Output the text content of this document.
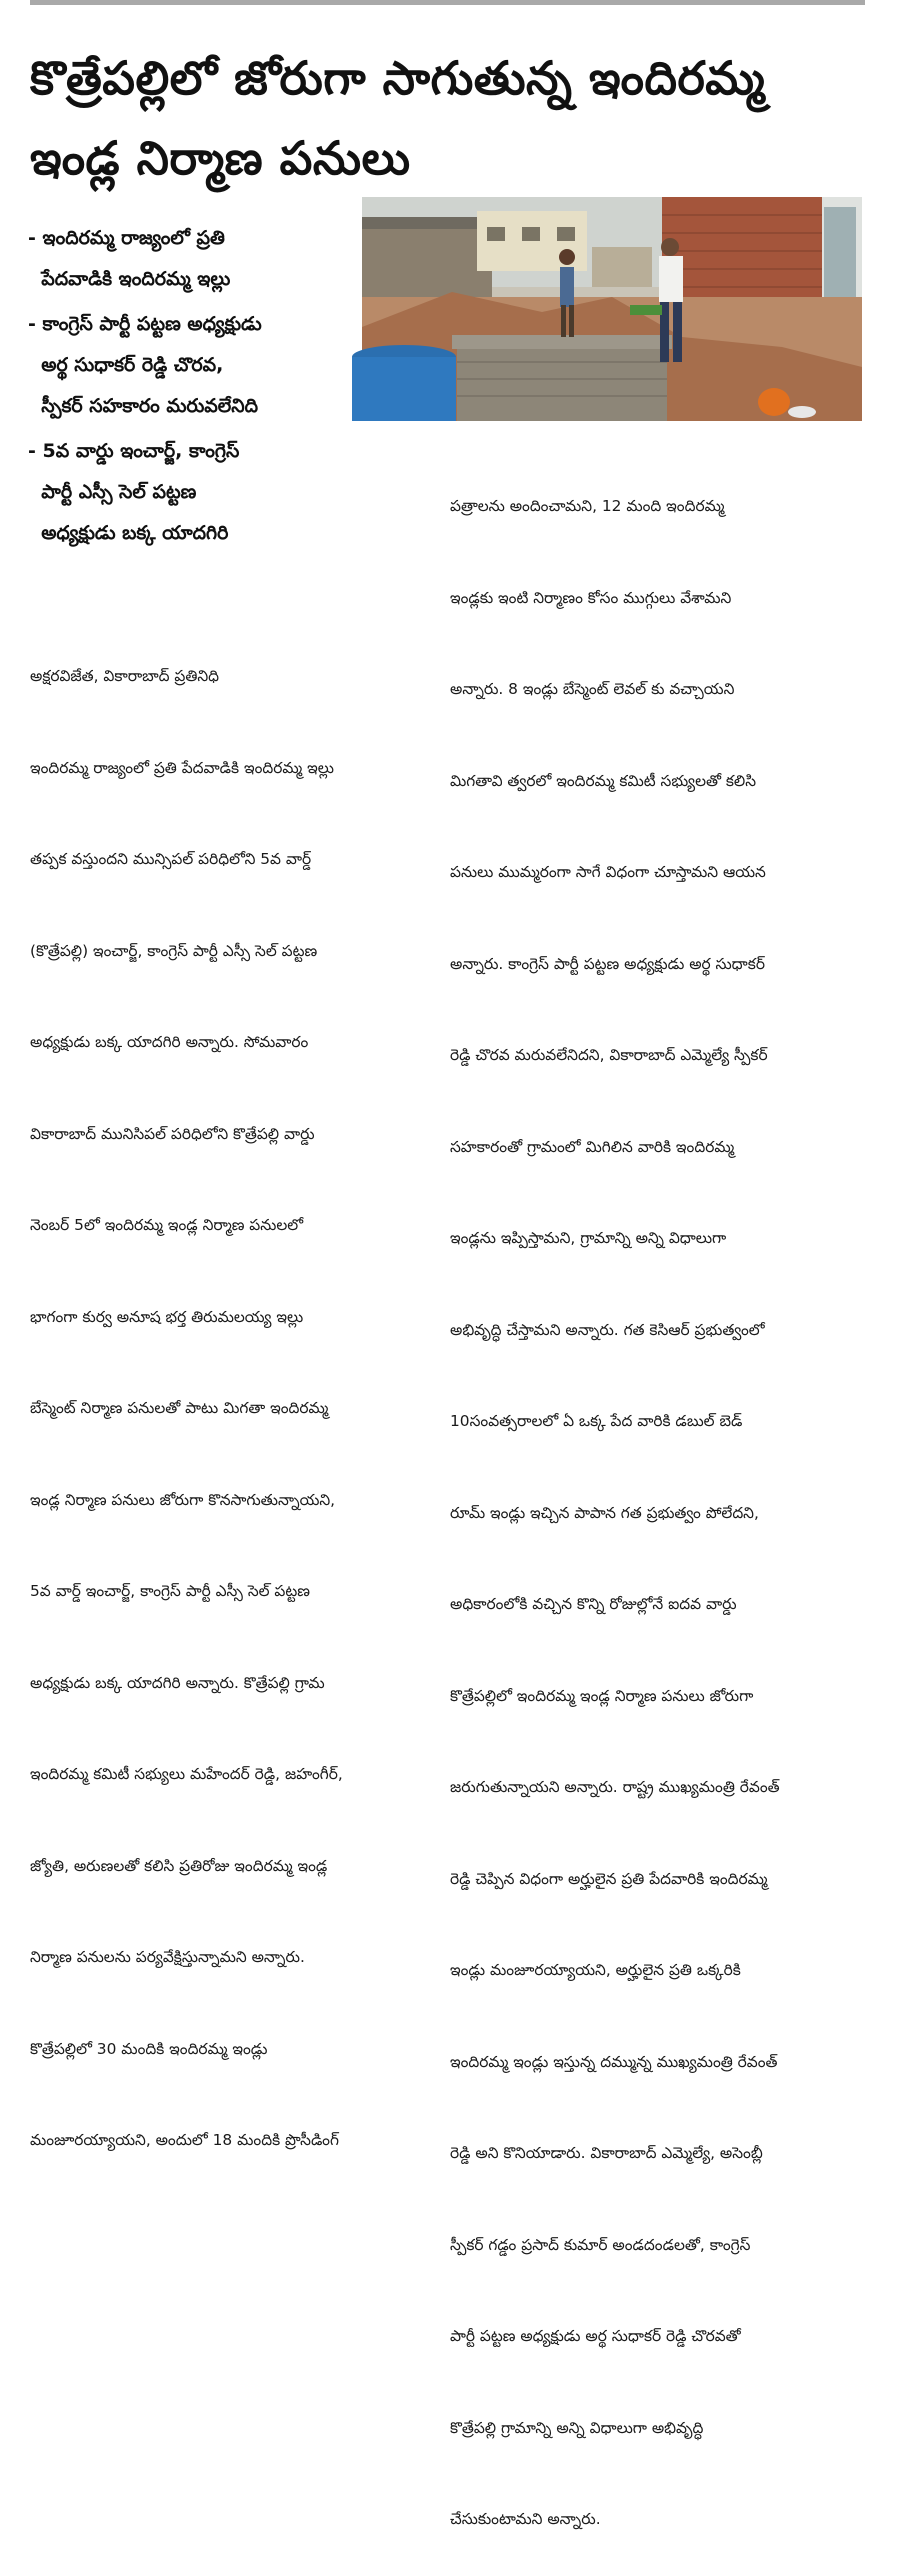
కొత్రేపల్లిలో జోరుగా సాగుతున్న ఇందిరమ్మ
ఇండ్ల నిర్మాణ పనులు
- ఇందిరమ్మ రాజ్యంలో ప్రతి
పేదవాడికి ఇందిరమ్మ ఇల్లు
- కాంగ్రెస్ పార్టీ పట్టణ అధ్యక్షుడు
అర్థ సుధాకర్ రెడ్డి చొరవ,
స్పీకర్ సహకారం మరువలేనిది
- 5వ వార్డు ఇంచార్జ్, కాంగ్రెస్
పార్టీ ఎస్సీ సెల్ పట్టణ
అధ్యక్షుడు బక్క యాదగిరి

అక్షరవిజేత, వికారాబాద్ ప్రతినిధి

ఇందిరమ్మ రాజ్యంలో ప్రతి పేదవాడికి ఇందిరమ్మ ఇల్లు

తప్పక వస్తుందని మున్సిపల్ పరిధిలోని 5వ వార్డ్

(కొత్రేపల్లి) ఇంచార్జ్, కాంగ్రెస్ పార్టీ ఎస్సీ సెల్ పట్టణ

అధ్యక్షుడు బక్క యాదగిరి అన్నారు. సోమవారం

వికారాబాద్ మునిసిపల్ పరిధిలోని కొత్రేపల్లి వార్డు

నెంబర్ 5లో ఇందిరమ్మ ఇండ్ల నిర్మాణ పనులలో

భాగంగా కుర్వ అనూష భర్త తిరుమలయ్య ఇల్లు

బేస్మెంట్ నిర్మాణ పనులతో పాటు మిగతా ఇందిరమ్మ

ఇండ్ల నిర్మాణ పనులు జోరుగా కొనసాగుతున్నాయని,

5వ వార్డ్ ఇంచార్జ్, కాంగ్రెస్ పార్టీ ఎస్సీ సెల్ పట్టణ

అధ్యక్షుడు బక్క యాదగిరి అన్నారు. కొత్రేపల్లి గ్రామ

ఇందిరమ్మ కమిటీ సభ్యులు మహేందర్ రెడ్డి, జహంగీర్,

జ్యోతి, అరుణలతో కలిసి ప్రతిరోజు ఇందిరమ్మ ఇండ్ల

నిర్మాణ పనులను పర్యవేక్షిస్తున్నామని అన్నారు.

కొత్రేపల్లిలో 30 మందికి ఇందిరమ్మ ఇండ్లు

మంజూరయ్యాయని, అందులో 18 మందికి ప్రొసీడింగ్

పత్రాలను అందించామని, 12 మంది ఇందిరమ్మ

ఇండ్లకు ఇంటి నిర్మాణం కోసం ముగ్గులు వేశామని

అన్నారు. 8 ఇండ్లు బేస్మెంట్ లెవల్ కు వచ్చాయని

మిగతావి త్వరలో ఇందిరమ్మ కమిటీ సభ్యులతో కలిసి

పనులు ముమ్మరంగా సాగే విధంగా చూస్తామని ఆయన

అన్నారు. కాంగ్రెస్ పార్టీ పట్టణ అధ్యక్షుడు అర్థ సుధాకర్

రెడ్డి చొరవ మరువలేనిదని, వికారాబాద్ ఎమ్మెల్యే స్పీకర్

సహకారంతో గ్రామంలో మిగిలిన వారికి ఇందిరమ్మ

ఇండ్లను ఇప్పిస్తామని, గ్రామాన్ని అన్ని విధాలుగా

అభివృద్ధి చేస్తామని అన్నారు. గత కెసిఆర్ ప్రభుత్వంలో

10సంవత్సరాలలో ఏ ఒక్క పేద వారికి డబుల్ బెడ్

రూమ్ ఇండ్లు ఇచ్చిన పాపాన గత ప్రభుత్వం పోలేదని,

అధికారంలోకి వచ్చిన కొన్ని రోజుల్లోనే ఐదవ వార్డు

కొత్రేపల్లిలో ఇందిరమ్మ ఇండ్ల నిర్మాణ పనులు జోరుగా

జరుగుతున్నాయని అన్నారు. రాష్ట్ర ముఖ్యమంత్రి రేవంత్

రెడ్డి చెప్పిన విధంగా అర్హులైన ప్రతి పేదవారికి ఇందిరమ్మ

ఇండ్లు మంజూరయ్యాయని, అర్హులైన ప్రతి ఒక్కరికి

ఇందిరమ్మ ఇండ్లు ఇస్తున్న దమ్మున్న ముఖ్యమంత్రి రేవంత్

రెడ్డి అని కొనియాడారు. వికారాబాద్ ఎమ్మెల్యే, అసెంబ్లీ

స్పీకర్ గడ్డం ప్రసాద్ కుమార్ అండదండలతో, కాంగ్రెస్

పార్టీ పట్టణ అధ్యక్షుడు అర్థ సుధాకర్ రెడ్డి చొరవతో

కొత్రేపల్లి గ్రామాన్ని అన్ని విధాలుగా అభివృద్ధి

చేసుకుంటామని అన్నారు.
